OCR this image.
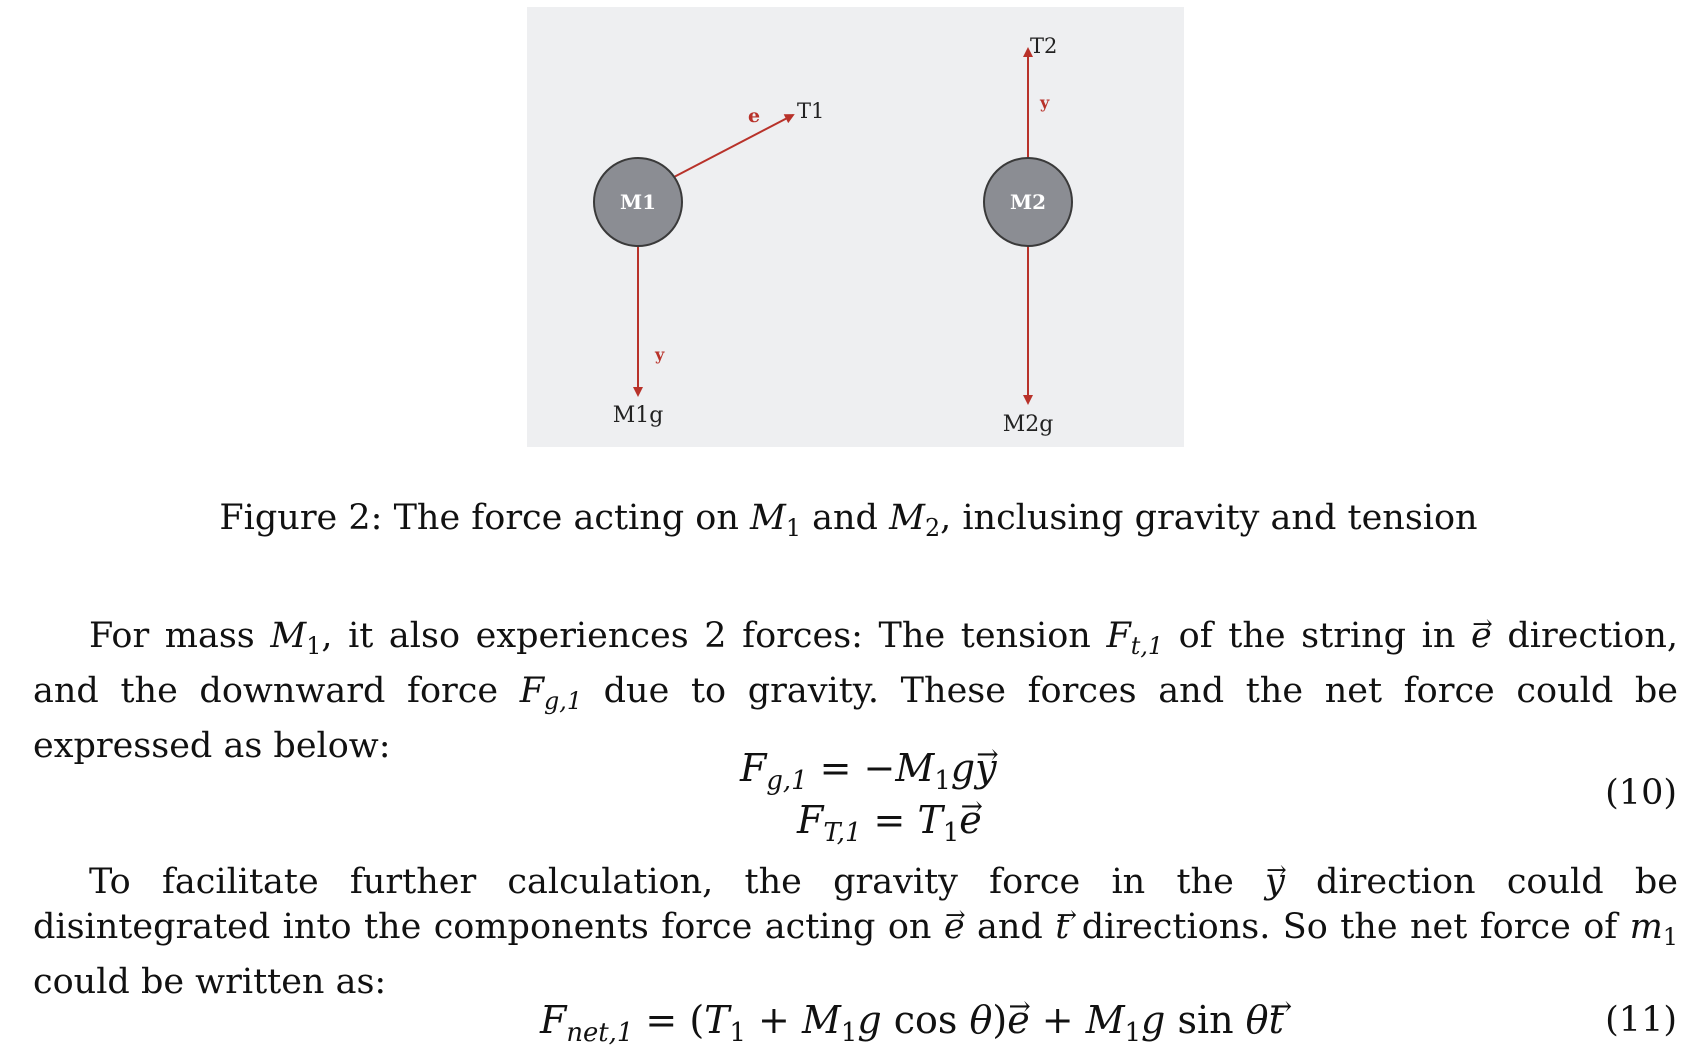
M1	M2
T1
e
y
M1g
T2
y
M2g
Figure 2: The force acting on $M_1$ and $M_2$, inclusing gravity and tension
For mass $M_1$, it also experiences 2 forces: The tension $F_{t,1}$ of the string in e → direction, and the downward force $F_{g,1}$ due to gravity. These forces and the net force could be expressed as below:	$F_{g,1} = -M_1gy$ →
$F_{T,1} = T_1e$ →
(10)
To facilitate further calculation, the gravity force in the y → direction could be disintegrated into the components force acting on e → and t → directions. So the net force of $m_1$ could be written as:
$F_{net,1} = (T_1 + M_1g$ cos θ)e → + $M_1g$ sin θt →	(11)
